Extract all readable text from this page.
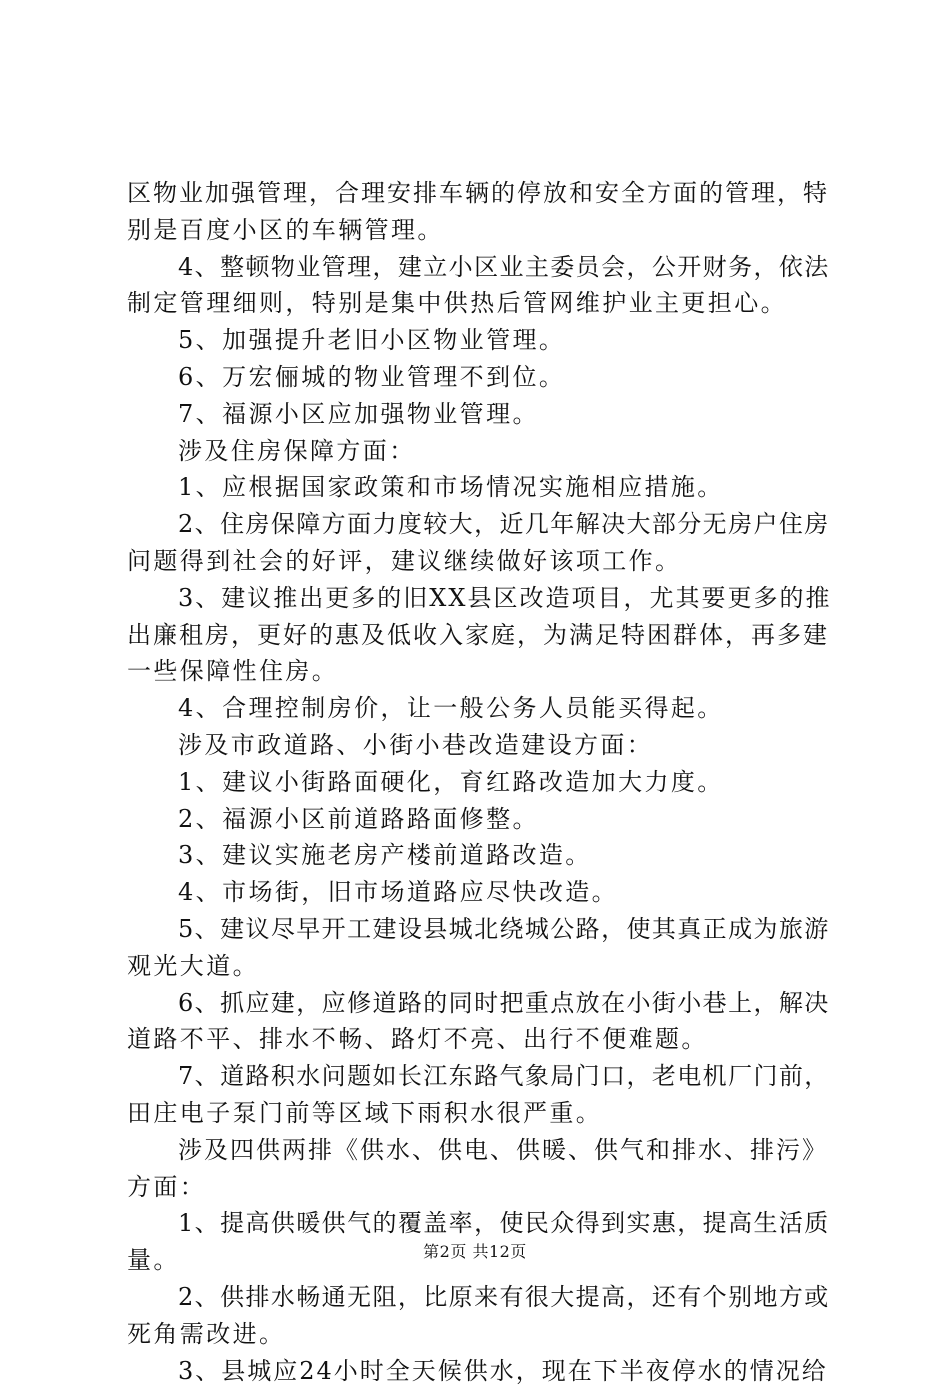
区物业加强管理，合理安排车辆的停放和安全方面的管理，特
别是百度小区的车辆管理。
4、整顿物业管理，建立小区业主委员会，公开财务，依法
制定管理细则，特别是集中供热后管网维护业主更担心。
5、加强提升老旧小区物业管理。
6、万宏俪城的物业管理不到位。
7、福源小区应加强物业管理。
涉及住房保障方面：
1、应根据国家政策和市场情况实施相应措施。
2、住房保障方面力度较大，近几年解决大部分无房户住房
问题得到社会的好评，建议继续做好该项工作。
3、建议推出更多的旧XX县区改造项目，尤其要更多的推
出廉租房，更好的惠及低收入家庭，为满足特困群体，再多建
一些保障性住房。
4、合理控制房价，让一般公务人员能买得起。
涉及市政道路、小街小巷改造建设方面：
1、建议小街路面硬化，育红路改造加大力度。
2、福源小区前道路路面修整。
3、建议实施老房产楼前道路改造。
4、市场街，旧市场道路应尽快改造。
5、建议尽早开工建设县城北绕城公路，使其真正成为旅游
观光大道。
6、抓应建，应修道路的同时把重点放在小街小巷上，解决
道路不平、排水不畅、路灯不亮、出行不便难题。
7、道路积水问题如长江东路气象局门口，老电机厂门前，
田庄电子泵门前等区域下雨积水很严重。
涉及四供两排《供水、供电、供暖、供气和排水、排污》
方面：
1、提高供暖供气的覆盖率，使民众得到实惠，提高生活质
量。
2、供排水畅通无阻，比原来有很大提高，还有个别地方或
死角需改进。
3、县城应24小时全天候供水，现在下半夜停水的情况给
第2页 共12页
